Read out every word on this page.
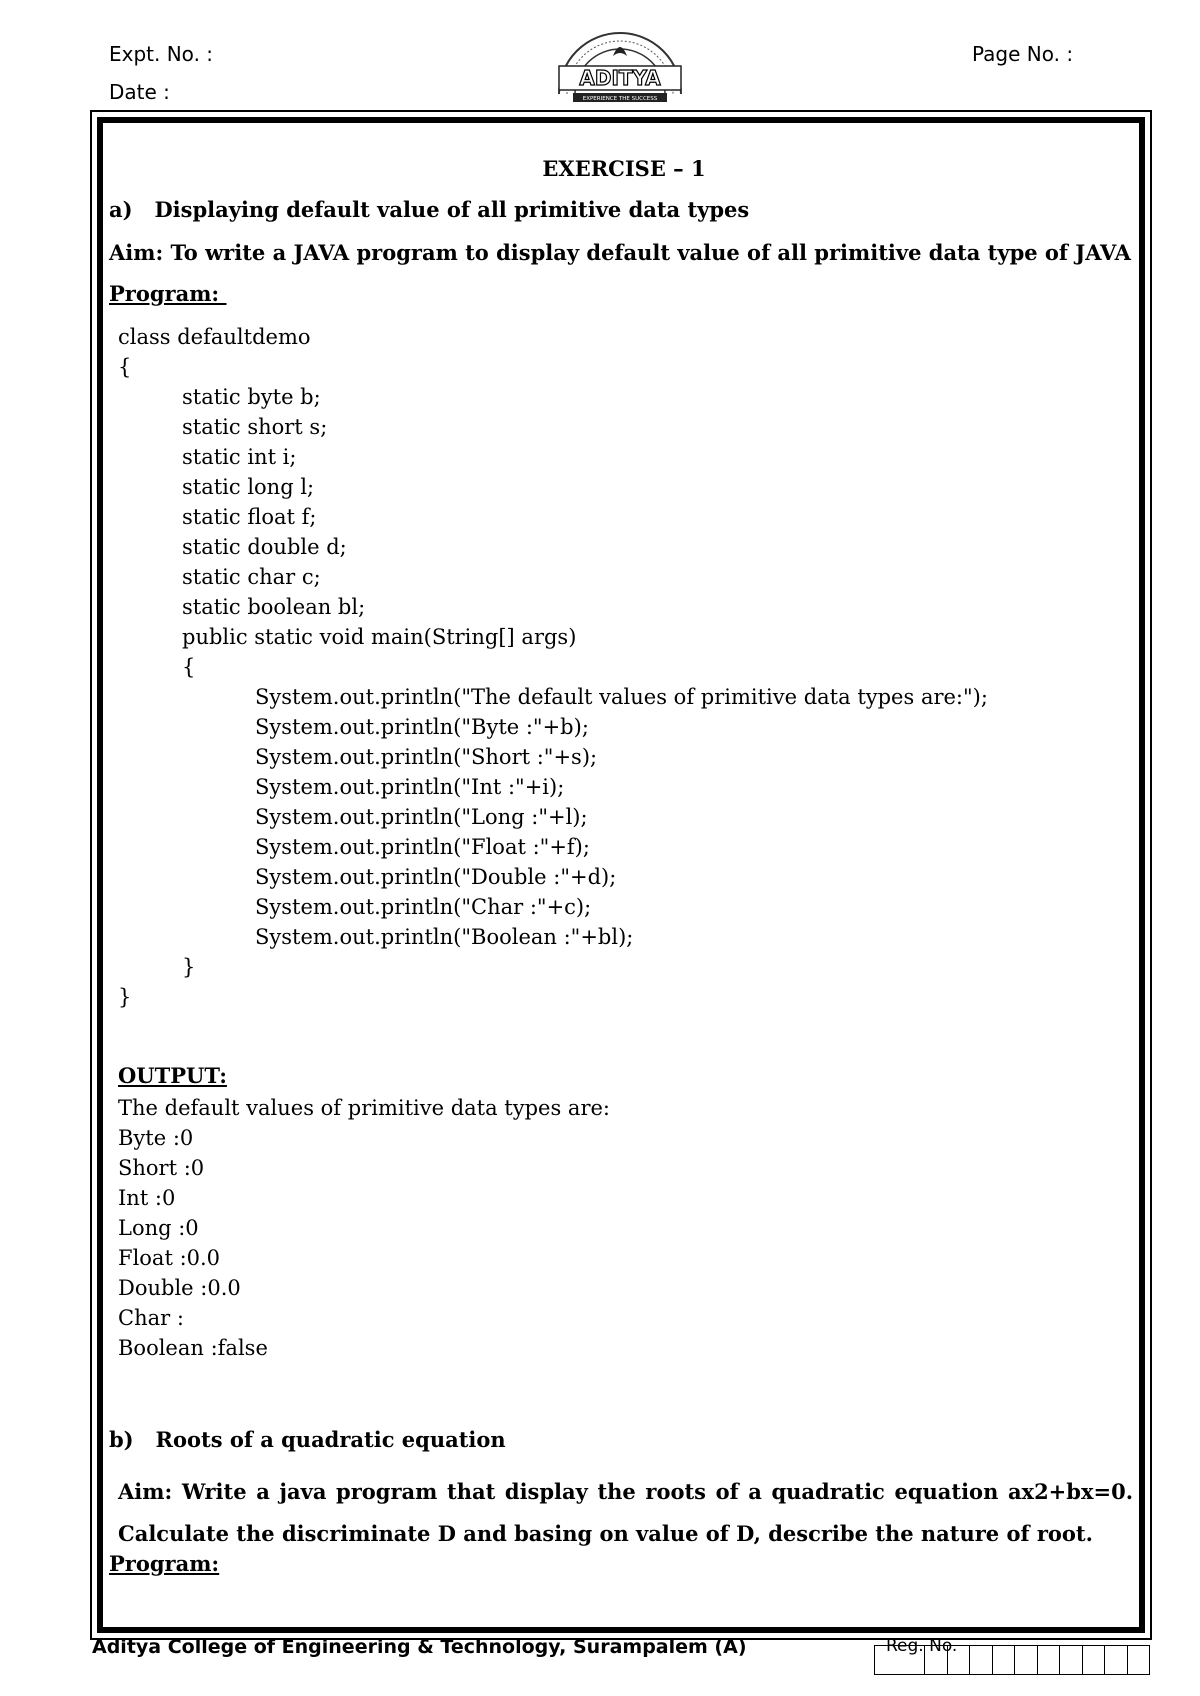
Expt. No. :
Date :
Page No. :
ADITYA
EXPERIENCE THE SUCCESS
EXERCISE – 1
a)   Displaying default value of all primitive data types
Aim: To write a JAVA program to display default value of all primitive data type of JAVA
Program:
class defaultdemo
{
static byte b;
static short s;
static int i;
static long l;
static float f;
static double d;
static char c;
static boolean bl;
public static void main(String[] args)
{
System.out.println("The default values of primitive data types are:");
System.out.println("Byte :"+b);
System.out.println("Short :"+s);
System.out.println("Int :"+i);
System.out.println("Long :"+l);
System.out.println("Float :"+f);
System.out.println("Double :"+d);
System.out.println("Char :"+c);
System.out.println("Boolean :"+bl);
}
}
OUTPUT:
The default values of primitive data types are:
Byte :0
Short :0
Int :0
Long :0
Float :0.0
Double :0.0
Char :
Boolean :false
b)   Roots of a quadratic equation
Aim: Write a java program that display the roots of a quadratic equation ax2+bx=0. Calculate the discriminate D and basing on value of D, describe the nature of root.
Program:
Aditya College of Engineering & Technology, Surampalem (A)	Reg. No.
